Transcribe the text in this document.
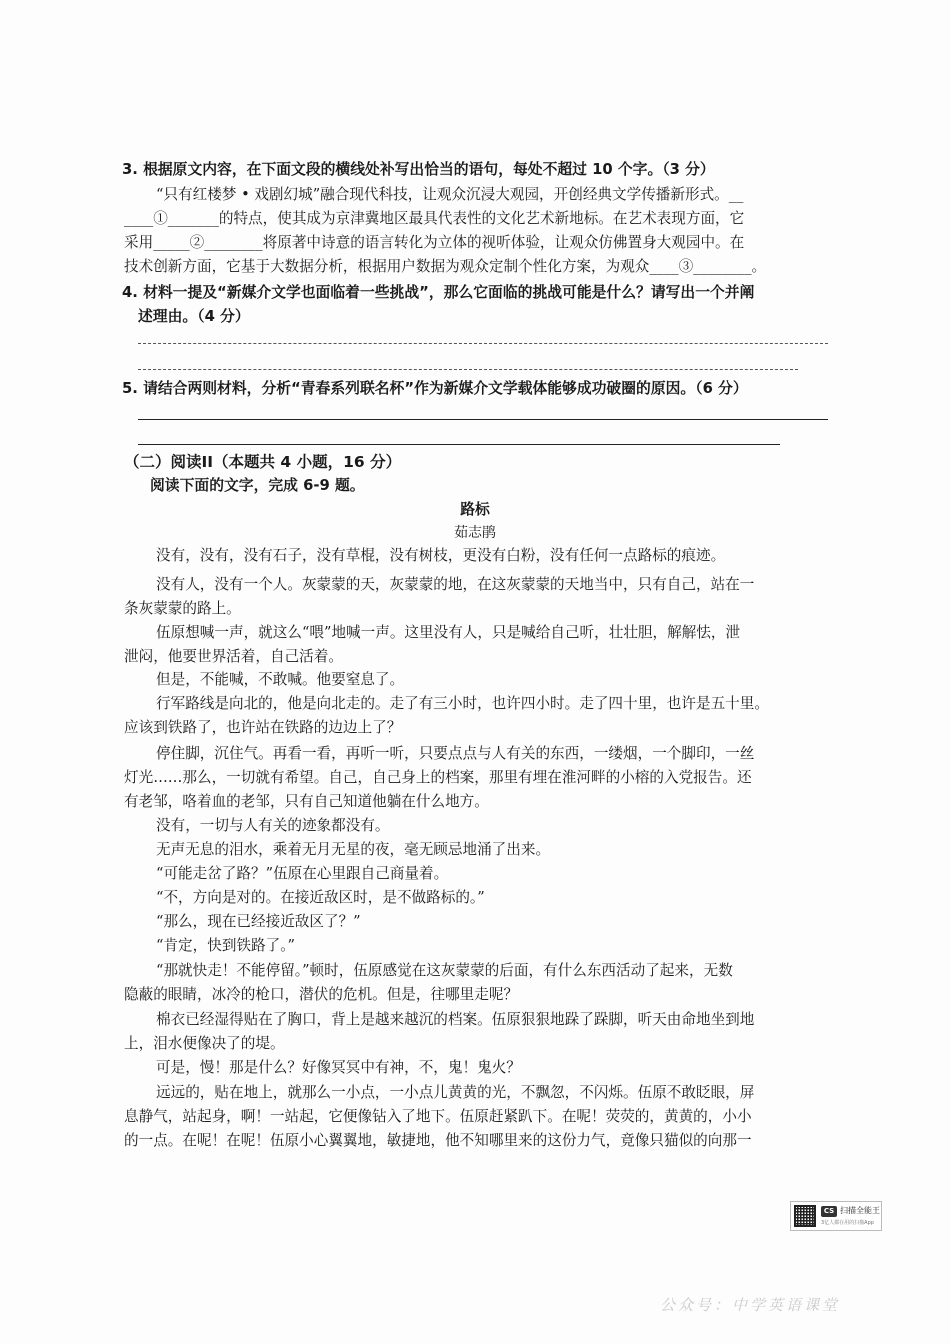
3. 根据原文内容，在下面文段的横线处补写出恰当的语句，每处不超过 10 个字。（3 分）
“只有红楼梦 • 戏剧幻城”融合现代科技，让观众沉浸大观园，开创经典文学传播新形式。__
____①_______的特点，使其成为京津冀地区最具代表性的文化艺术新地标。在艺术表现方面，它
采用_____②________将原著中诗意的语言转化为立体的视听体验，让观众仿佛置身大观园中。在
技术创新方面，它基于大数据分析，根据用户数据为观众定制个性化方案，为观众____③________。
4. 材料一提及“新媒介文学也面临着一些挑战”，那么它面临的挑战可能是什么？请写出一个并阐
述理由。（4 分）
5. 请结合两则材料，分析“青春系列联名杯”作为新媒介文学载体能够成功破圈的原因。（6 分）
（二）阅读II（本题共 4 小题，16 分）
阅读下面的文字，完成 6-9 题。
路标
茹志鹃
没有，没有，没有石子，没有草棍，没有树枝，更没有白粉，没有任何一点路标的痕迹。
没有人，没有一个人。灰蒙蒙的天，灰蒙蒙的地，在这灰蒙蒙的天地当中，只有自己，站在一
条灰蒙蒙的路上。
伍原想喊一声，就这么“喂”地喊一声。这里没有人，只是喊给自己听，壮壮胆，解解怯，泄
泄闷，他要世界活着，自己活着。
但是，不能喊，不敢喊。他要窒息了。
行军路线是向北的，他是向北走的。走了有三小时，也许四小时。走了四十里，也许是五十里。
应该到铁路了，也许站在铁路的边边上了？
停住脚，沉住气。再看一看，再听一听，只要点点与人有关的东西，一缕烟，一个脚印，一丝
灯光……那么，一切就有希望。自己，自己身上的档案，那里有埋在淮河畔的小榕的入党报告。还
有老邹，咯着血的老邹，只有自己知道他躺在什么地方。
没有，一切与人有关的迹象都没有。
无声无息的泪水，乘着无月无星的夜，毫无顾忌地涌了出来。
“可能走岔了路？”伍原在心里跟自己商量着。
“不，方向是对的。在接近敌区时，是不做路标的。”
“那么，现在已经接近敌区了？”
“肯定，快到铁路了。”
“那就快走！不能停留。”顿时，伍原感觉在这灰蒙蒙的后面，有什么东西活动了起来，无数
隐蔽的眼睛，冰冷的枪口，潜伏的危机。但是，往哪里走呢？
棉衣已经湿得贴在了胸口，背上是越来越沉的档案。伍原狠狠地跺了跺脚，听天由命地坐到地
上，泪水便像决了的堤。
可是，慢！那是什么？好像冥冥中有神，不，鬼！鬼火？
远远的，贴在地上，就那么一小点，一小点儿黄黄的光，不飘忽，不闪烁。伍原不敢眨眼，屏
息静气，站起身，啊！一站起，它便像钻入了地下。伍原赶紧趴下。在呢！荧荧的，黄黄的，小小
的一点。在呢！在呢！伍原小心翼翼地，敏捷地，他不知哪里来的这份力气，竟像只猫似的向那一
CS 扫描全能王
3亿人都在用的扫描App
公众号：中学英语课堂
